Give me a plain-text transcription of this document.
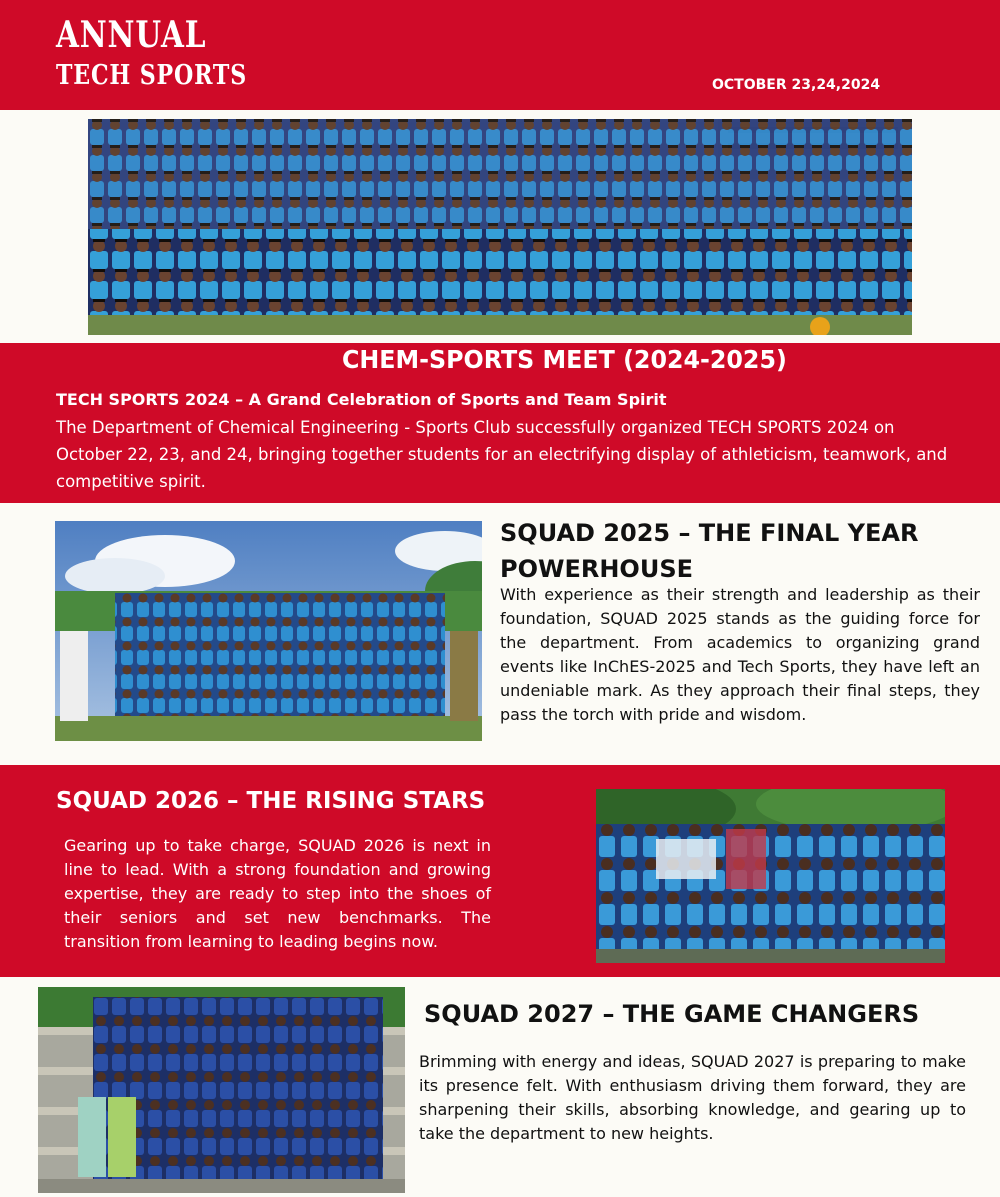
ANNUAL
TECH SPORTS	OCTOBER 23,24,2024
CHEM-SPORTS MEET (2024-2025)
TECH SPORTS 2024 – A Grand Celebration of Sports and Team Spirit
The Department of Chemical Engineering - Sports Club successfully organized TECH SPORTS 2024 on October 22, 23, and 24, bringing together students for an electrifying display of athleticism, teamwork, and competitive spirit.
SQUAD 2025 – THE FINAL YEAR POWERHOUSE
With experience as their strength and leadership as their foundation, SQUAD 2025 stands as the guiding force for the department. From academics to organizing grand events like InChES-2025 and Tech Sports, they have left an undeniable mark. As they approach their final steps, they pass the torch with pride and wisdom.
SQUAD 2026 – THE RISING STARS
Gearing up to take charge, SQUAD 2026 is next in line to lead. With a strong foundation and growing expertise, they are ready to step into the shoes of their seniors and set new benchmarks. The transition from learning to leading begins now.
SQUAD 2027 – THE GAME CHANGERS
Brimming with energy and ideas, SQUAD 2027 is preparing to make its presence felt. With enthusiasm driving them forward, they are sharpening their skills, absorbing knowledge, and gearing up to take the department to new heights.
